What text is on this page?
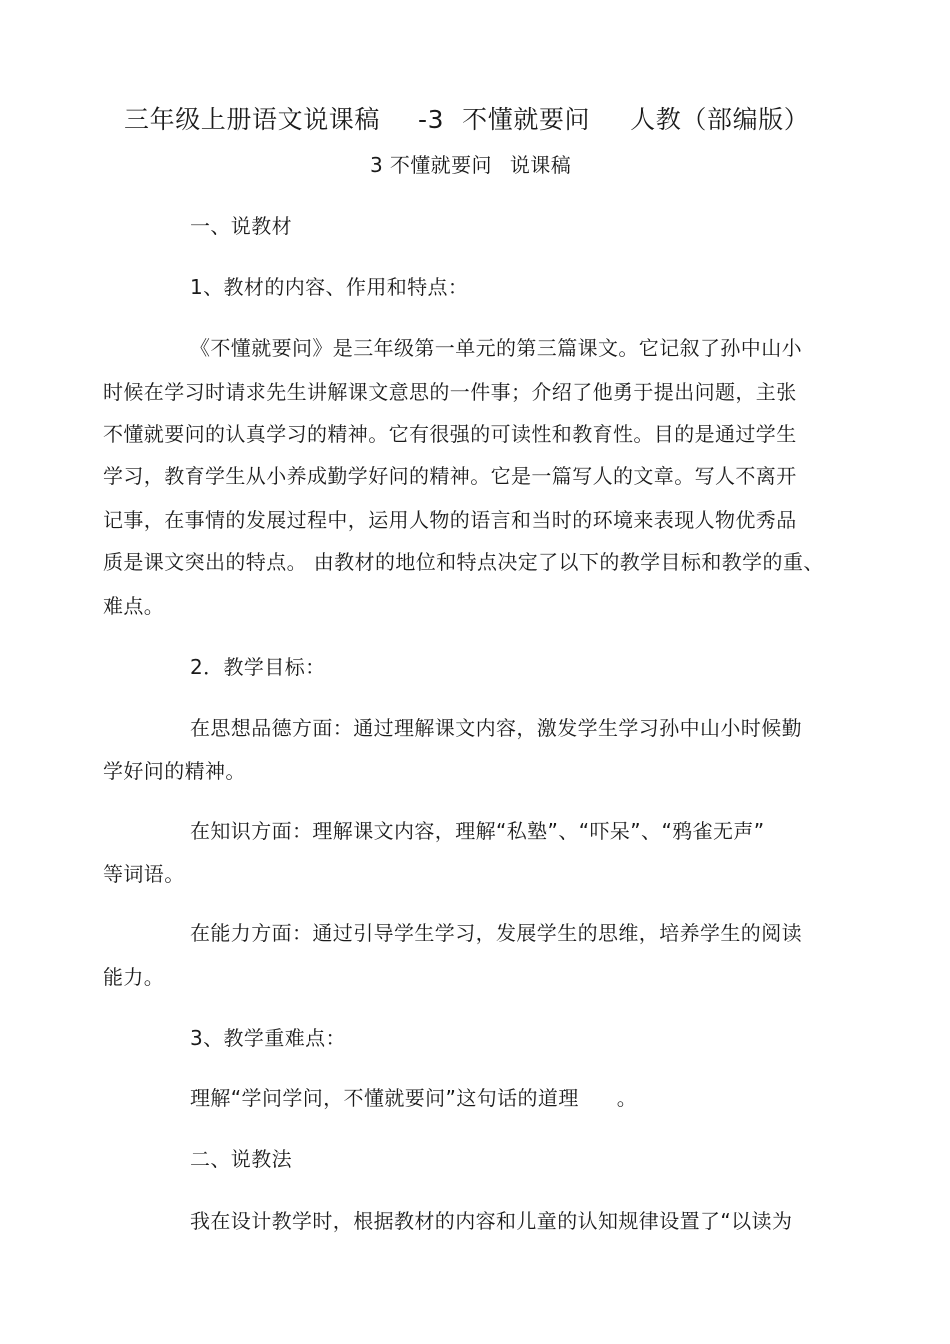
三年级上册语文说课稿 -3 不懂就要问 人教（部编版）
3 不懂就要问 说课稿
一、说教材
1、教材的内容、作用和特点：
《不懂就要问》是三年级第一单元的第三篇课文。它记叙了孙中山小
时候在学习时请求先生讲解课文意思的一件事；介绍了他勇于提出问题，主张
不懂就要问的认真学习的精神。它有很强的可读性和教育性。目的是通过学生
学习，教育学生从小养成勤学好问的精神。它是一篇写人的文章。写人不离开
记事，在事情的发展过程中，运用人物的语言和当时的环境来表现人物优秀品
质是课文突出的特点。 由教材的地位和特点决定了以下的教学目标和教学的重、
难点。
2．教学目标：
在思想品德方面：通过理解课文内容，激发学生学习孙中山小时候勤
学好问的精神。
在知识方面：理解课文内容，理解“私塾”、“吓呆”、“鸦雀无声”
等词语。
在能力方面：通过引导学生学习，发展学生的思维，培养学生的阅读
能力。
3、教学重难点：
理解“学问学问，不懂就要问”这句话的道理 。
二、说教法
我在设计教学时，根据教材的内容和儿童的认知规律设置了“以读为
